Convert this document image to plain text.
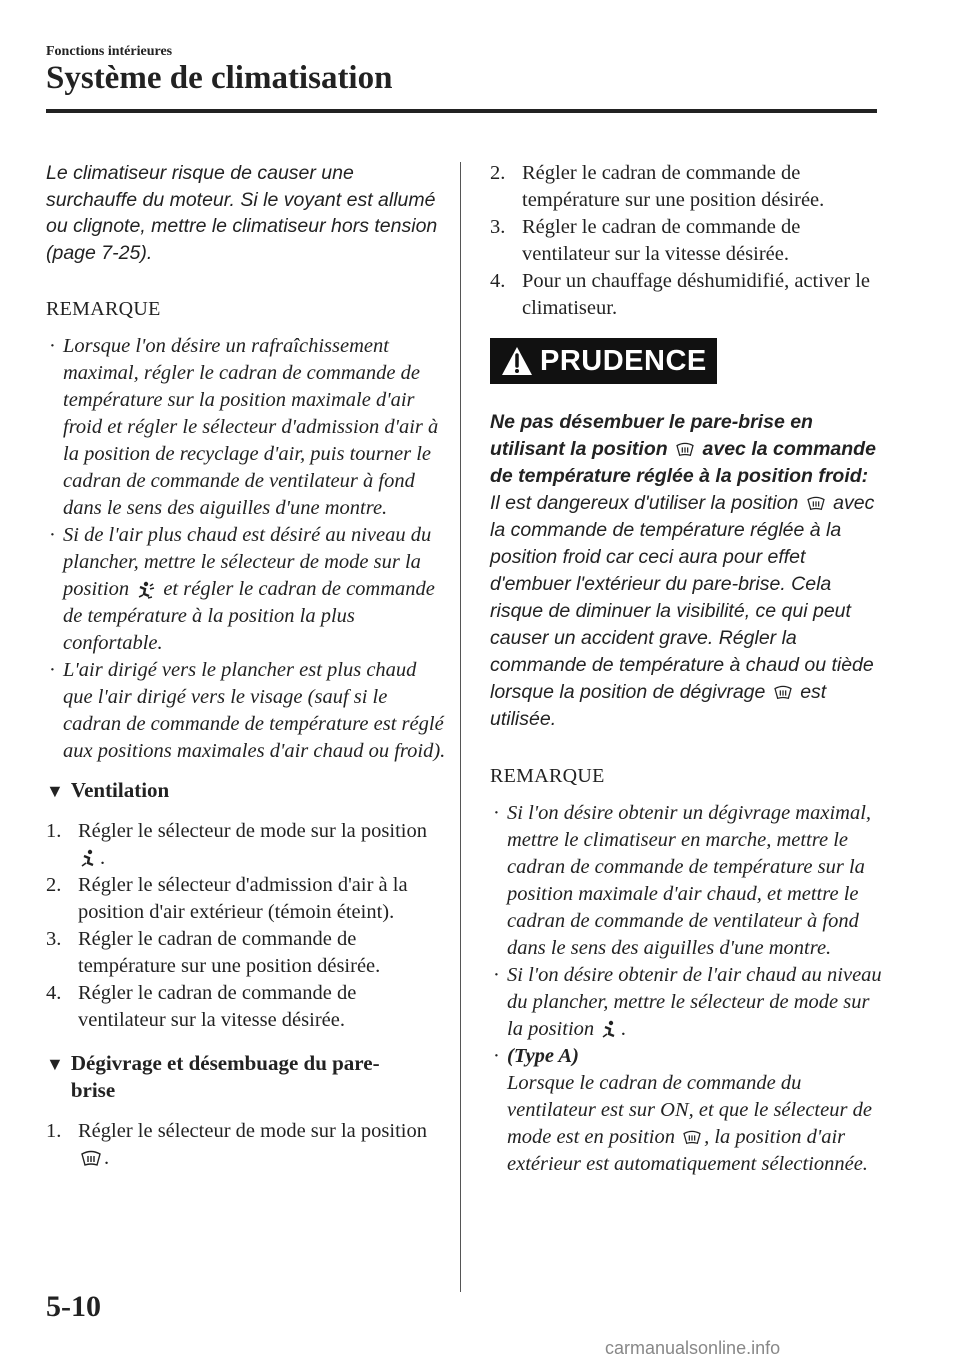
Fonctions intérieures
Système de climatisation

Le climatiseur risque de causer une surchauffe du moteur. Si le voyant est allumé ou clignote, mettre le climatiseur hors tension (page 7-25).

REMARQUE
· Lorsque l'on désire un rafraîchissement maximal, régler le cadran de commande de température sur la position maximale d'air froid et régler le sélecteur d'admission d'air à la position de recyclage d'air, puis tourner le cadran de commande de ventilateur à fond dans le sens des aiguilles d'une montre.
· Si de l'air plus chaud est désiré au niveau du plancher, mettre le sélecteur de mode sur la position et régler le cadran de commande de température à la position la plus confortable.
· L'air dirigé vers le plancher est plus chaud que l'air dirigé vers le visage (sauf si le cadran de commande de température est réglé aux positions maximales d'air chaud ou froid).
▼ Ventilation
1. Régler le sélecteur de mode sur la position .
2. Régler le sélecteur d'admission d'air à la position d'air extérieur (témoin éteint).
3. Régler le cadran de commande de température sur une position désirée.
4. Régler le cadran de commande de ventilateur sur la vitesse désirée.
▼ Dégivrage et désembuage du pare-brise
1. Régler le sélecteur de mode sur la position .
2. Régler le cadran de commande de température sur une position désirée.
3. Régler le cadran de commande de ventilateur sur la vitesse désirée.
4. Pour un chauffage déshumidifié, activer le climatiseur.
PRUDENCE

Ne pas désembuer le pare-brise en utilisant la position avec la commande de température réglée à la position froid:

Il est dangereux d'utiliser la position avec la commande de température réglée à la position froid car ceci aura pour effet d'embuer l'extérieur du pare-brise. Cela risque de diminuer la visibilité, ce qui peut causer un accident grave. Régler la commande de température à chaud ou tiède lorsque la position de dégivrage est utilisée.

REMARQUE
· Si l'on désire obtenir un dégivrage maximal, mettre le climatiseur en marche, mettre le cadran de commande de température sur la position maximale d'air chaud, et mettre le cadran de commande de ventilateur à fond dans le sens des aiguilles d'une montre.
· Si l'on désire obtenir de l'air chaud au niveau du plancher, mettre le sélecteur de mode sur la position .
· (Type A)
Lorsque le cadran de commande du ventilateur est sur ON, et que le sélecteur de mode est en position , la position d'air extérieur est automatiquement sélectionnée.
5-10
carmanualsonline.info
